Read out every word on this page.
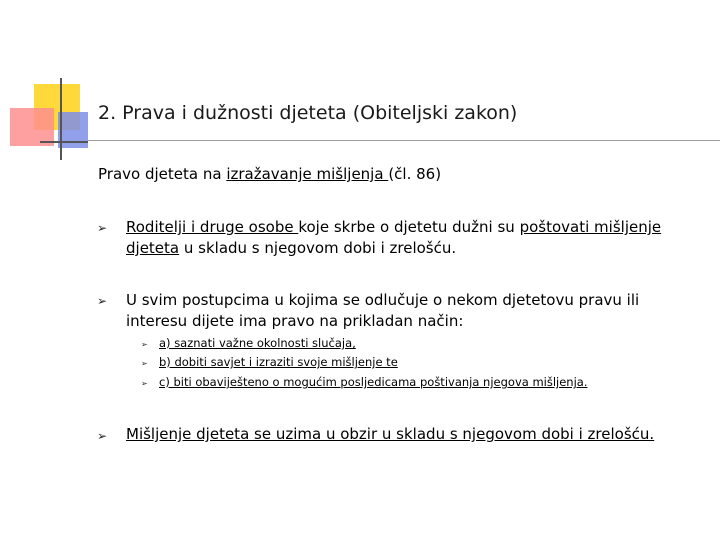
2. Prava i dužnosti djeteta (Obiteljski zakon)
Pravo djeteta na izražavanje mišljenja (čl. 86)
➢ Roditelji i druge osobe koje skrbe o djetetu dužni su poštovati mišljenje djeteta u skladu s njegovom dobi i zrelošću.
➢ U svim postupcima u kojima se odlučuje o nekom djetetovu pravu ili interesu dijete ima pravo na prikladan način:
➢ a) saznati važne okolnosti slučaja,
➢ b) dobiti savjet i izraziti svoje mišljenje te
➢ c) biti obaviješteno o mogućim posljedicama poštivanja njegova mišljenja.
➢ Mišljenje djeteta se uzima u obzir u skladu s njegovom dobi i zrelošću.
